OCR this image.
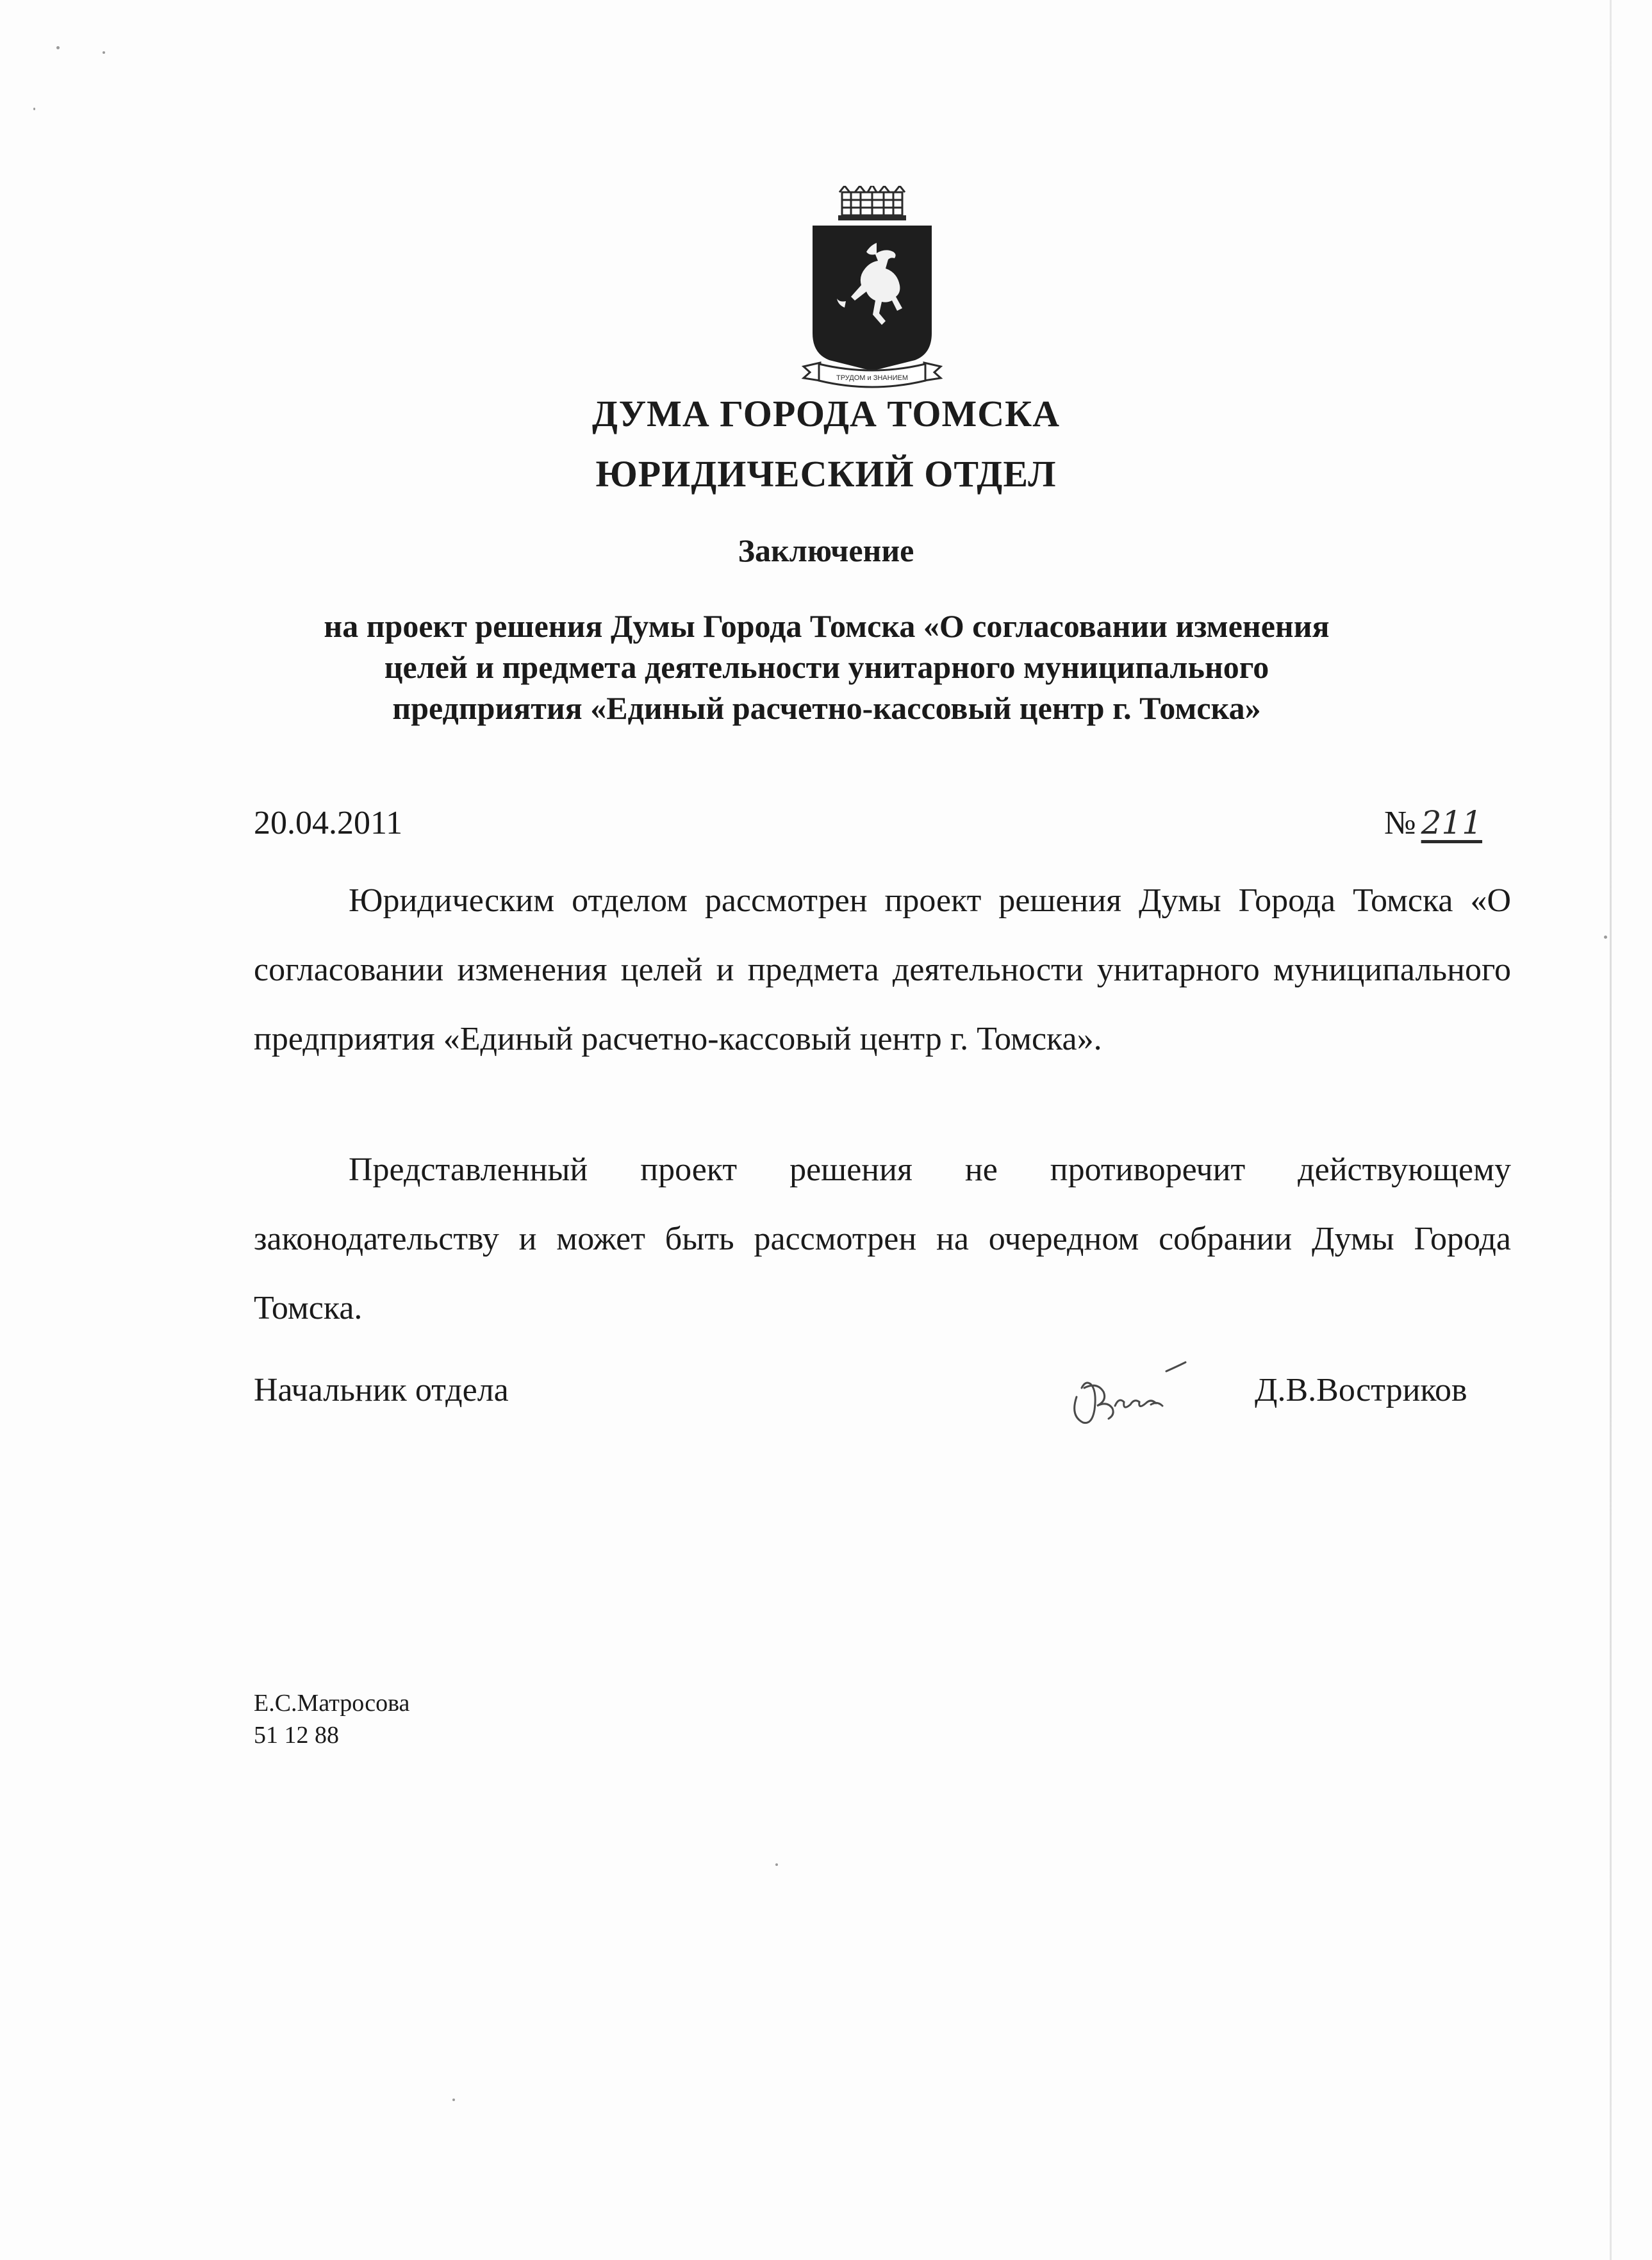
ТРУДОМ и ЗНАНИЕМ
ДУМА ГОРОДА ТОМСКА
ЮРИДИЧЕСКИЙ ОТДЕЛ
Заключение
на проект решения Думы Города Томска «О согласовании изменения
целей и предмета деятельности унитарного муниципального
предприятия «Единый расчетно-кассовый центр г. Томска»
20.04.2011	№ 211
Юридическим отделом рассмотрен проект решения Думы Города Томска «О согласовании изменения целей и предмета деятельности унитарного муниципального предприятия «Единый расчетно-кассовый центр г. Томска».
Представленный проект решения не противоречит действующему законодательству и может быть рассмотрен на очередном собрании Думы Города Томска.
Начальник отдела	Д.В.Востриков
Е.С.Матросова
51 12 88
